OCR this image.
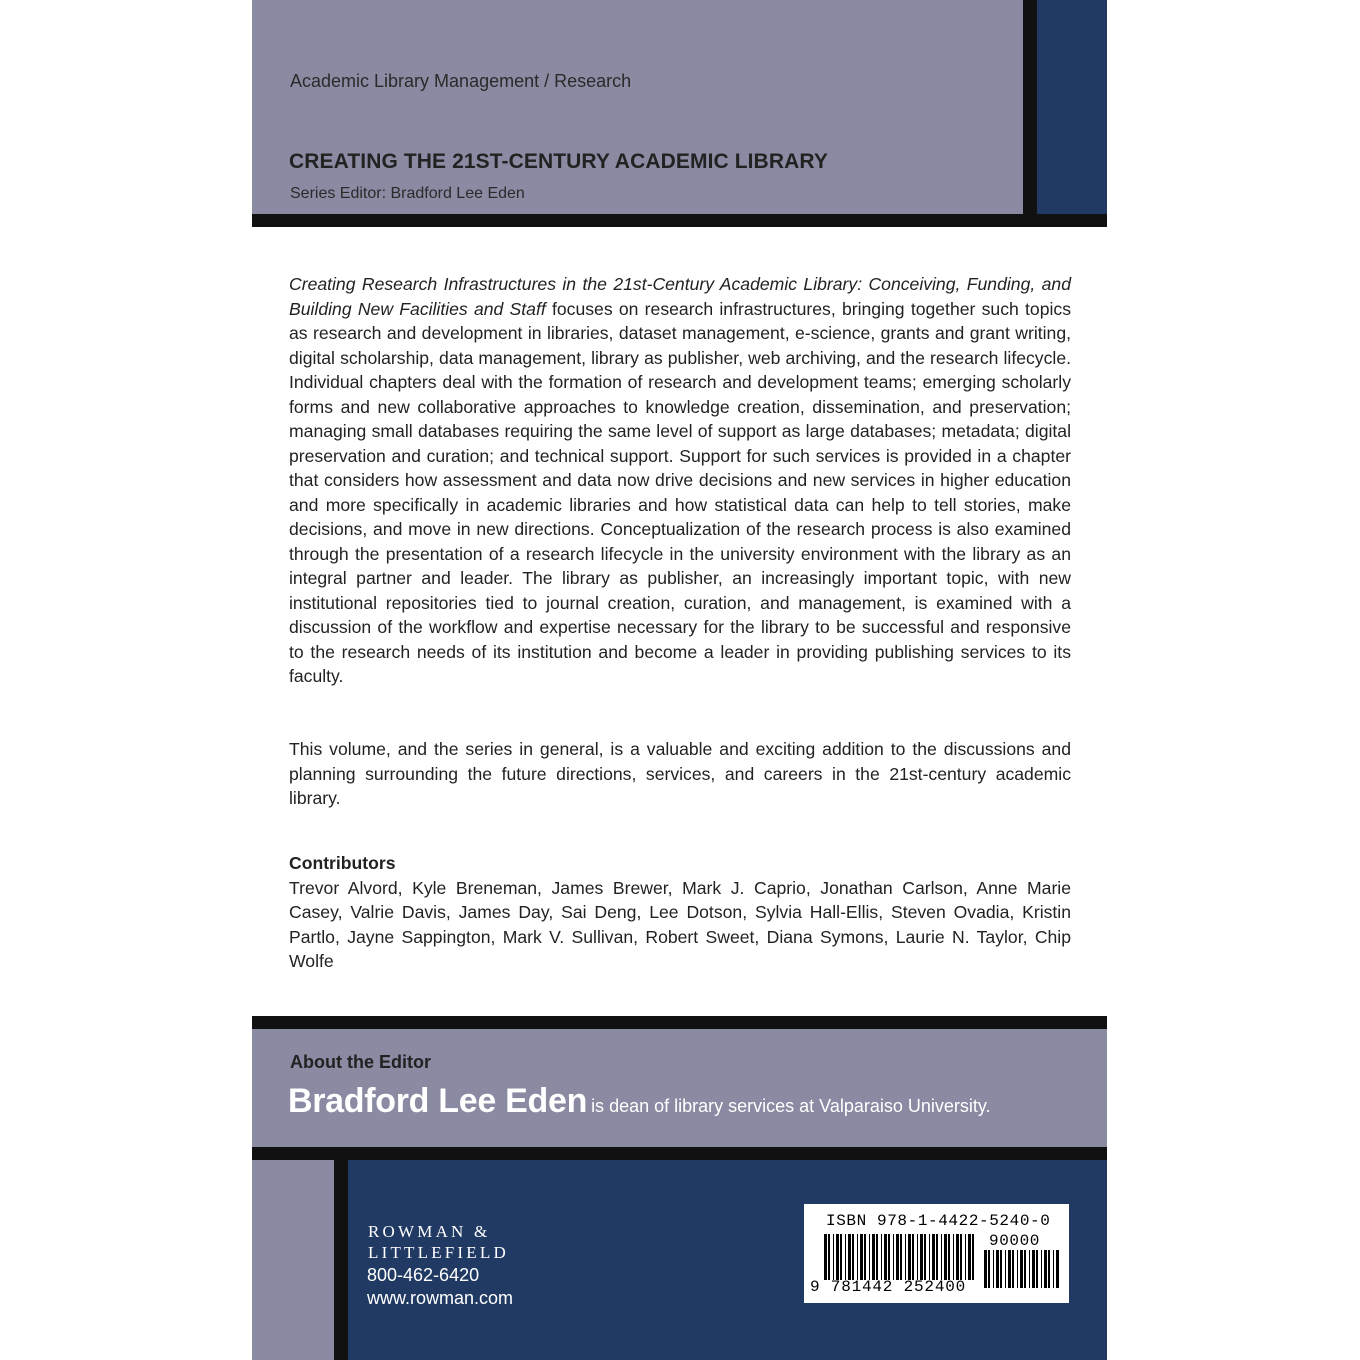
Academic Library Management / Research
CREATING THE 21ST-CENTURY ACADEMIC LIBRARY
Series Editor: Bradford Lee Eden
Creating Research Infrastructures in the 21st-Century Academic Library: Conceiving, Funding, and Building New Facilities and Staff focuses on research infrastructures, bringing together such topics as research and development in libraries, dataset management, e-science, grants and grant writing, digital scholarship, data management, library as publisher, web archiving, and the research lifecycle. Individual chapters deal with the formation of research and development teams; emerging scholarly forms and new collaborative approaches to knowledge creation, dissemination, and preservation; managing small databases requiring the same level of support as large databases; metadata; digital preservation and curation; and technical support. Support for such services is provided in a chapter that considers how assessment and data now drive decisions and new services in higher education and more specifically in academic libraries and how statistical data can help to tell stories, make decisions, and move in new directions. Conceptualization of the research process is also examined through the presentation of a research lifecycle in the university environment with the library as an integral partner and leader. The library as publisher, an increasingly important topic, with new institutional repositories tied to journal creation, curation, and management, is examined with a discussion of the workflow and expertise necessary for the library to be successful and responsive to the research needs of its institution and become a leader in providing publishing services to its faculty.
This volume, and the series in general, is a valuable and exciting addition to the discussions and planning surrounding the future directions, services, and careers in the 21st-century academic library.
Contributors
Trevor Alvord, Kyle Breneman, James Brewer, Mark J. Caprio, Jonathan Carlson, Anne Marie Casey, Valrie Davis, James Day, Sai Deng, Lee Dotson, Sylvia Hall-Ellis, Steven Ovadia, Kristin Partlo, Jayne Sappington, Mark V. Sullivan, Robert Sweet, Diana Symons, Laurie N. Taylor, Chip Wolfe
About the Editor
Bradford Lee Eden is dean of library services at Valparaiso University.
ROWMAN &
LITTLEFIELD
800-462-6420
www.rowman.com
ISBN 978-1-4422-5240-0
90000
9 781442 252400
